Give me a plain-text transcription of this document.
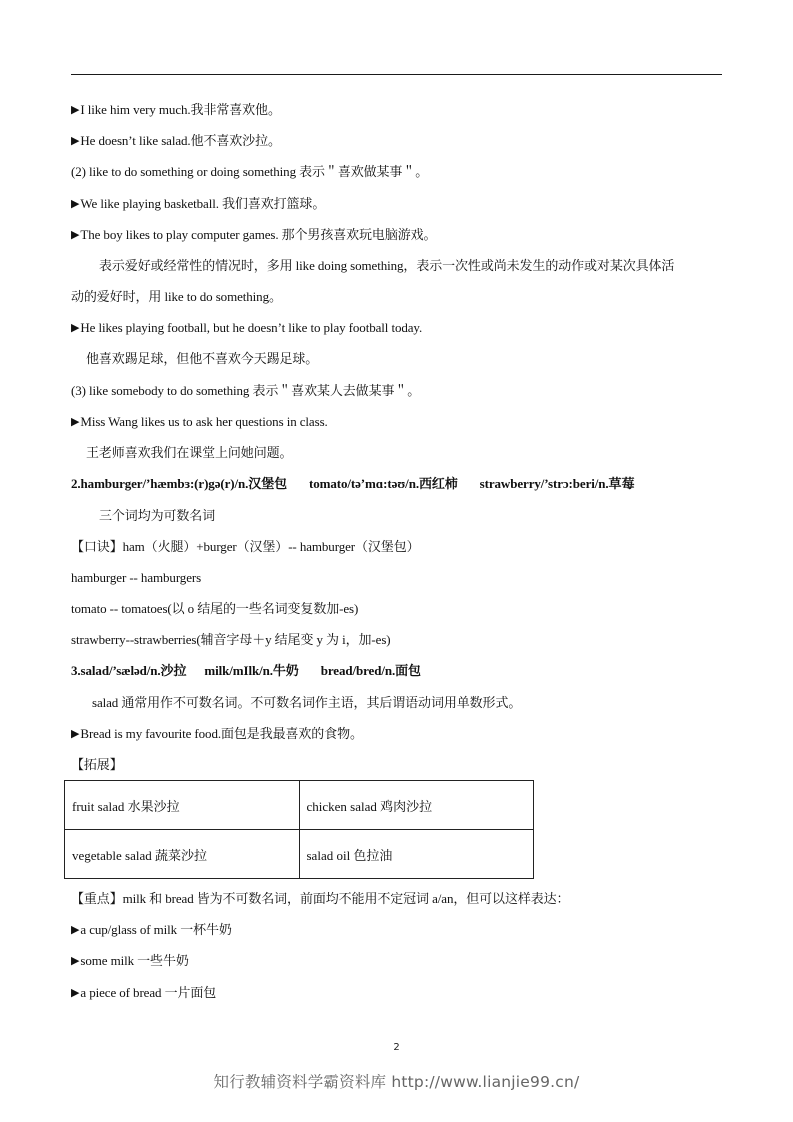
▶I like him very much.我非常喜欢他。
▶He doesn’t like salad.他不喜欢沙拉。
(2) like to do something or doing something 表示＂喜欢做某事＂。
▶We like playing basketball. 我们喜欢打篮球。
▶The boy likes to play computer games. 那个男孩喜欢玩电脑游戏。
表示爱好或经常性的情况时，多用 like doing something，表示一次性或尚未发生的动作或对某次具体活
动的爱好时，用 like to do something。
▶He likes playing football, but he doesn’t like to play football today.
他喜欢踢足球，但他不喜欢今天踢足球。
(3) like somebody to do something 表示＂喜欢某人去做某事＂。
▶Miss Wang likes us to ask her questions in class.
王老师喜欢我们在课堂上问她问题。
2.hamburger/’hæmbɜ:(r)gə(r)/n.汉堡包 tomato/tə’mɑ:təʊ/n.西红柿 strawberry/’strɔ:beri/n.草莓
三个词均为可数名词
【口诀】ham（火腿）+burger（汉堡）-- hamburger（汉堡包）
hamburger -- hamburgers
tomato -- tomatoes(以 o 结尾的一些名词变复数加-es)
strawberry--strawberries(辅音字母＋y 结尾变 y 为 i，加-es)
3.salad/’sæləd/n.沙拉 milk/mIlk/n.牛奶 bread/bred/n.面包
salad 通常用作不可数名词。不可数名词作主语，其后谓语动词用单数形式。
▶Bread is my favourite food.面包是我最喜欢的食物。
【拓展】
fruit salad 水果沙拉	chicken salad 鸡肉沙拉
vegetable salad 蔬菜沙拉	salad oil 色拉油
【重点】milk 和 bread 皆为不可数名词，前面均不能用不定冠词 a/an，但可以这样表达：
▶a cup/glass of milk 一杯牛奶
▶some milk 一些牛奶
▶a piece of bread 一片面包
2
知行教辅资料学霸资料库 http://www.lianjie99.cn/
